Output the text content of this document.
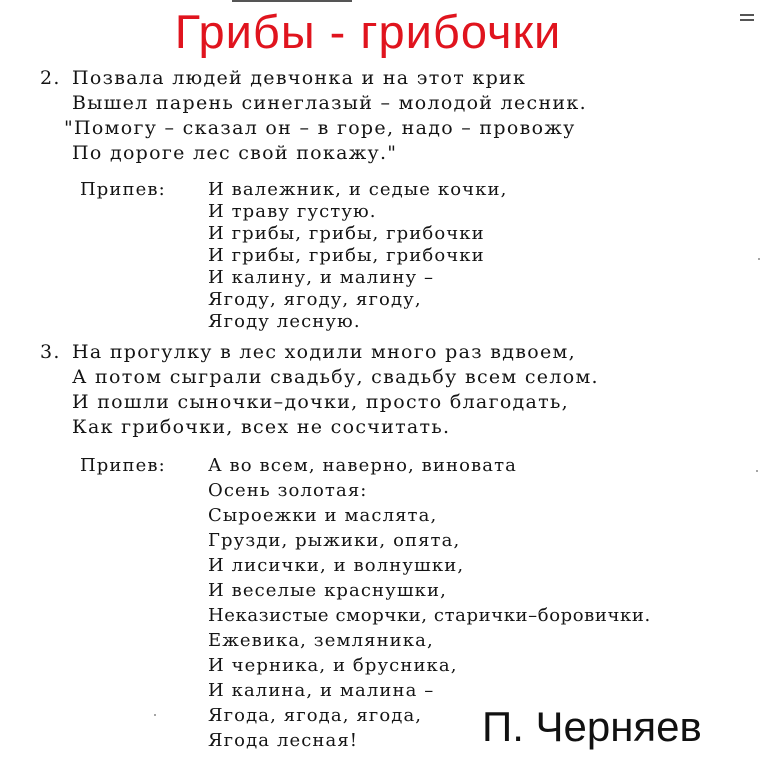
Грибы - грибочки
2. Позвала людей девчонка и на этот крик
Вышел парень синеглазый – молодой лесник.
"Помогу – сказал он – в горе, надо – провожу
По дороге лес свой покажу."
Припев: И валежник, и седые кочки,
И траву густую.
И грибы, грибы, грибочки
И грибы, грибы, грибочки
И калину, и малину –
Ягоду, ягоду, ягоду,
Ягоду лесную.
3. На прогулку в лес ходили много раз вдвоем,
А потом сыграли свадьбу, свадьбу всем селом.
И пошли сыночки–дочки, просто благодать,
Как грибочки, всех не сосчитать.
Припев: А во всем, наверно, виновата
Осень золотая:
Сыроежки и маслята,
Грузди, рыжики, опята,
И лисички, и волнушки,
И веселые краснушки,
Неказистые сморчки, старички–боровички.
Ежевика, земляника,
И черника, и брусника,
И калина, и малина –
Ягода, ягода, ягода,
Ягода лесная!	П. Черняев
